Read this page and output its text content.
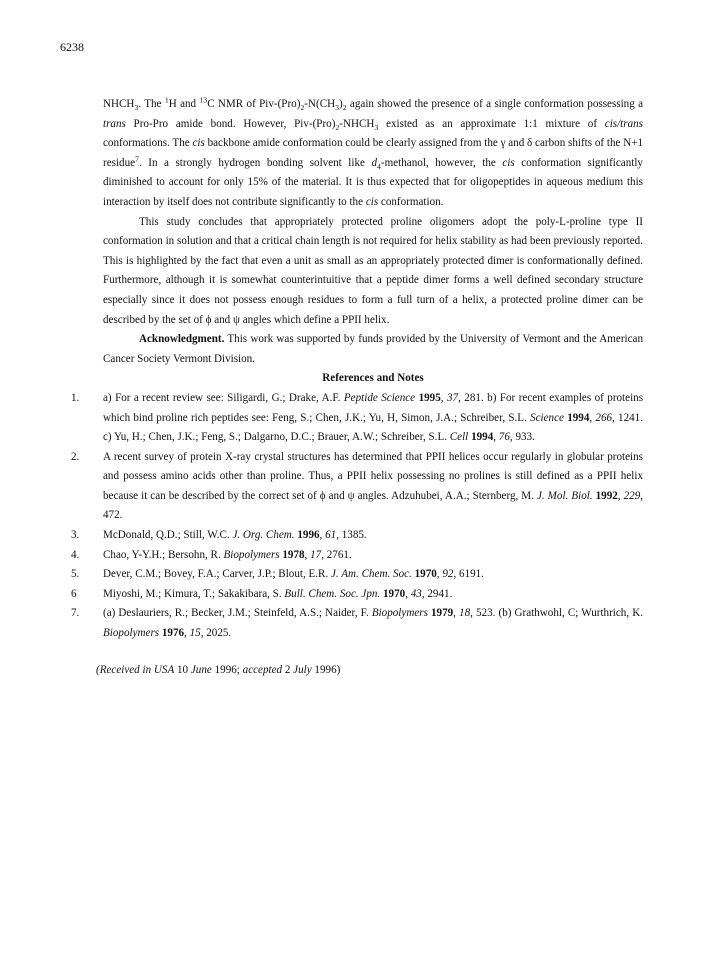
6238

$NHCH_3$. The $^1$H and $^{13}$C NMR of Piv-$(Pro)_2-N(CH_3)_2$ again showed the presence of a single conformation possessing a trans Pro-Pro amide bond. However, Piv-$(Pro)_2-NHCH_3$ existed as an approximate 1:1 mixture of cis/trans conformations. The cis backbone amide conformation could be clearly assigned from the γ and δ carbon shifts of the N+1 residue$^7$. In a strongly hydrogen bonding solvent like $d_4$-methanol, however, the cis conformation significantly diminished to account for only 15% of the material. It is thus expected that for oligopeptides in aqueous medium this interaction by itself does not contribute significantly to the cis conformation.

This study concludes that appropriately protected proline oligomers adopt the poly-L-proline type II conformation in solution and that a critical chain length is not required for helix stability as had been previously reported. This is highlighted by the fact that even a unit as small as an appropriately protected dimer is conformationally defined. Furthermore, although it is somewhat counterintuitive that a peptide dimer forms a well defined secondary structure especially since it does not possess enough residues to form a full turn of a helix, a protected proline dimer can be described by the set of ϕ and ψ angles which define a PPII helix.

Acknowledgment. This work was supported by funds provided by the University of Vermont and the American Cancer Society Vermont Division.

References and Notes

1. a) For a recent review see: Siligardi, G.; Drake, A.F. Peptide Science 1995, 37, 281. b) For recent examples of proteins which bind proline rich peptides see: Feng, S.; Chen, J.K.; Yu, H, Simon, J.A.; Schreiber, S.L. Science 1994, 266, 1241. c) Yu, H.; Chen, J.K.; Feng, S.; Dalgarno, D.C.; Brauer, A.W.; Schreiber, S.L. Cell 1994, 76, 933.
2. A recent survey of protein X-ray crystal structures has determined that PPII helices occur regularly in globular proteins and possess amino acids other than proline. Thus, a PPII helix possessing no prolines is still defined as a PPII helix because it can be described by the correct set of ϕ and ψ angles. Adzuhubei, A.A.; Sternberg, M. J. Mol. Biol. 1992, 229, 472.
3. McDonald, Q.D.; Still, W.C. J. Org. Chem. 1996, 61, 1385.
4. Chao, Y-Y.H.; Bersohn, R. Biopolymers 1978, 17, 2761.
5. Dever, C.M.; Bovey, F.A.; Carver, J.P.; Blout, E.R. J. Am. Chem. Soc. 1970, 92, 6191.
6 Miyoshi, M.; Kimura, T.; Sakakibara, S. Bull. Chem. Soc. Jpn. 1970, 43, 2941.
7. (a) Deslauriers, R.; Becker, J.M.; Steinfeld, A.S.; Naider, F. Biopolymers 1979, 18, 523. (b) Grathwohl, C; Wurthrich, K. Biopolymers 1976, 15, 2025.
(Received in USA 10 June 1996; accepted 2 July 1996)
